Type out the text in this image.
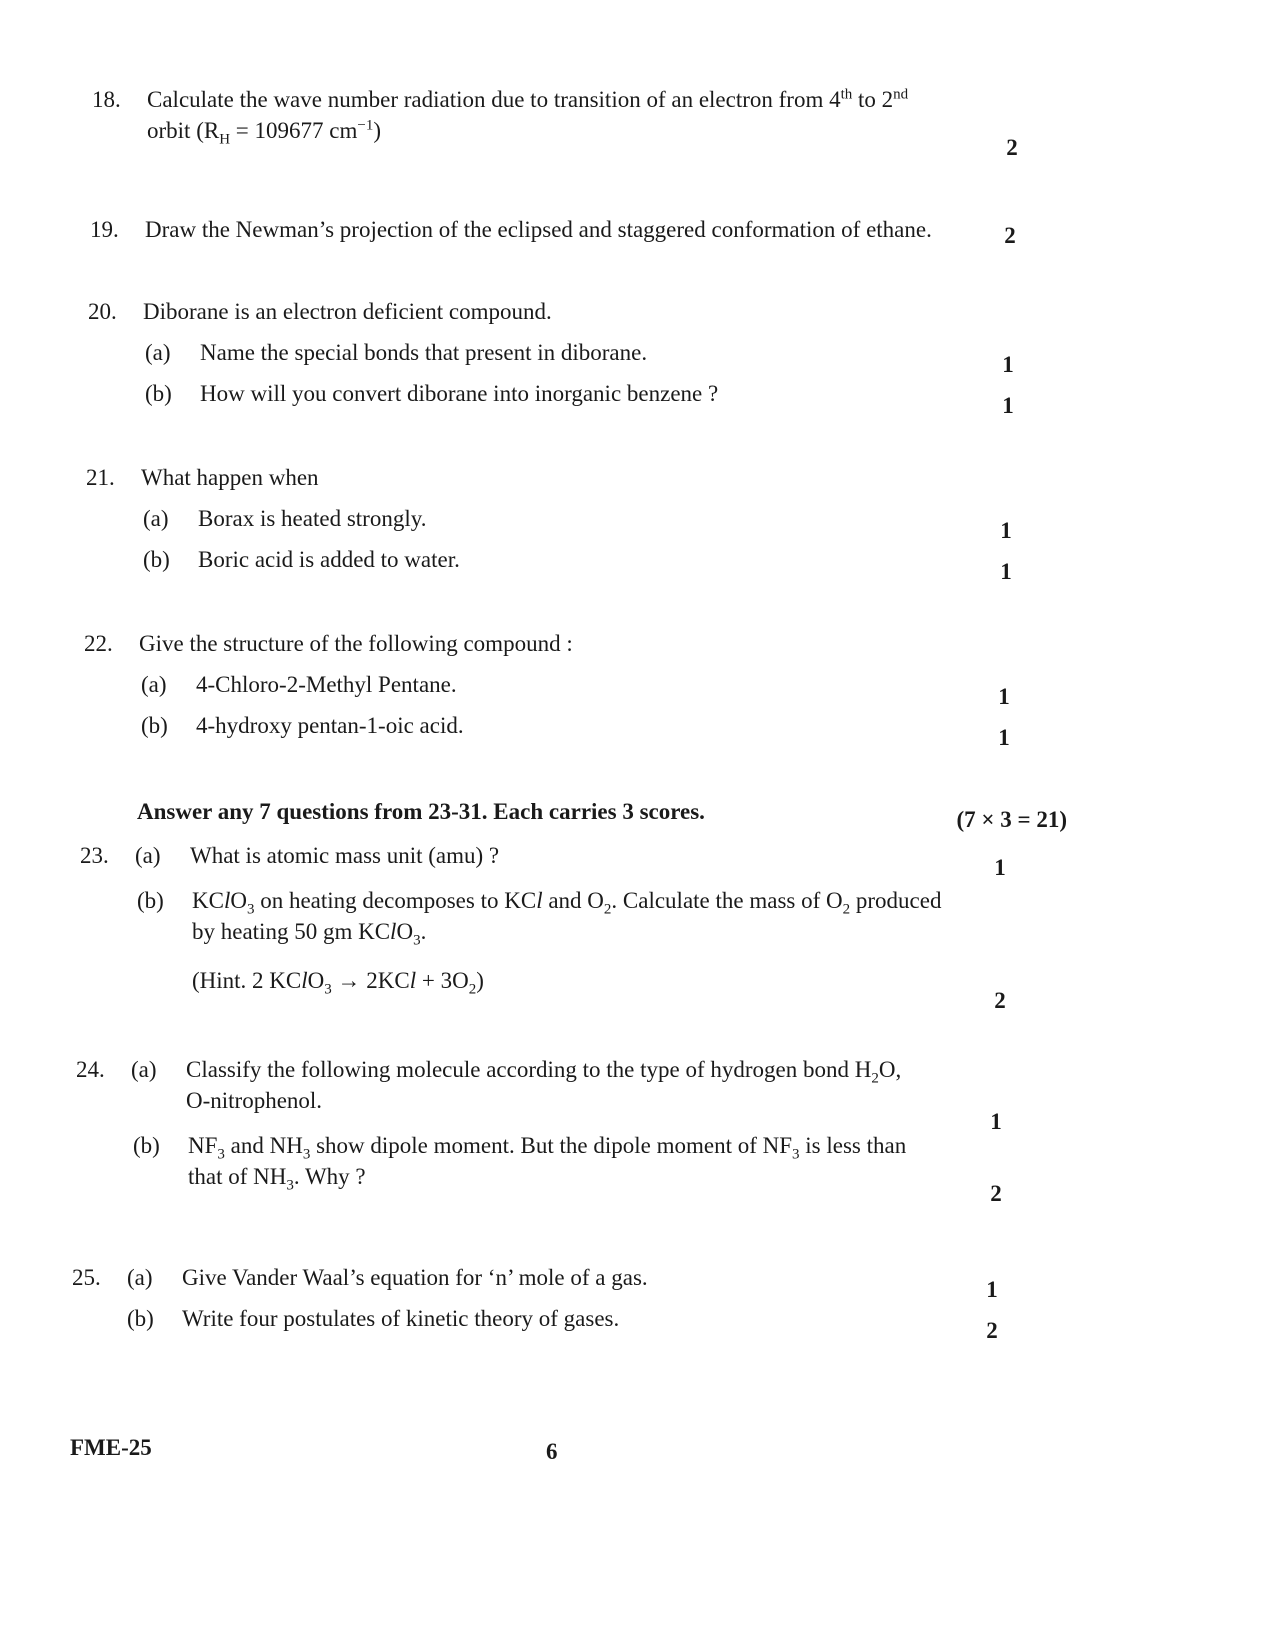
18.	Calculate the wave number radiation due to transition of an electron from 4th to 2nd
orbit ($R_H = 109677$ $cm^{-1}$)
2
19.	Draw the Newman’s projection of the eclipsed and staggered conformation of ethane.	2
20.	Diborane is an electron deficient compound.
(a)	Name the special bonds that present in diborane.	1
(b)	How will you convert diborane into inorganic benzene ?	1
21.	What happen when
(a)	Borax is heated strongly.	1
(b)	Boric acid is added to water.	1
22.	Give the structure of the following compound :
(a)	4-Chloro-2-Methyl Pentane.	1
(b)	4-hydroxy pentan-1-oic acid.	1
Answer any 7 questions from 23-31. Each carries 3 scores.	(7 × 3 = 21)
23.	(a)	What is atomic mass unit (amu) ?	1
(b)	KClO$_3$ on heating decomposes to KCl and $O_2$. Calculate the mass of $O_2$ produced
by heating 50 gm KClO$_3$.
(Hint. 2 KClO$_3$ → $2KCl + 3O_2$)
2
24.	(a)	Classify the following molecule according to the type of hydrogen bond $H_2O$,
O-nitrophenol.
1
(b)	$NF_3$ and $NH_3$ show dipole moment. But the dipole moment of $NF_3$ is less than
that of $NH_3$. Why ?
2
25.	(a)	Give Vander Waal’s equation for ‘n’ mole of a gas.	1
(b)	Write four postulates of kinetic theory of gases.	2
FME-25	6
